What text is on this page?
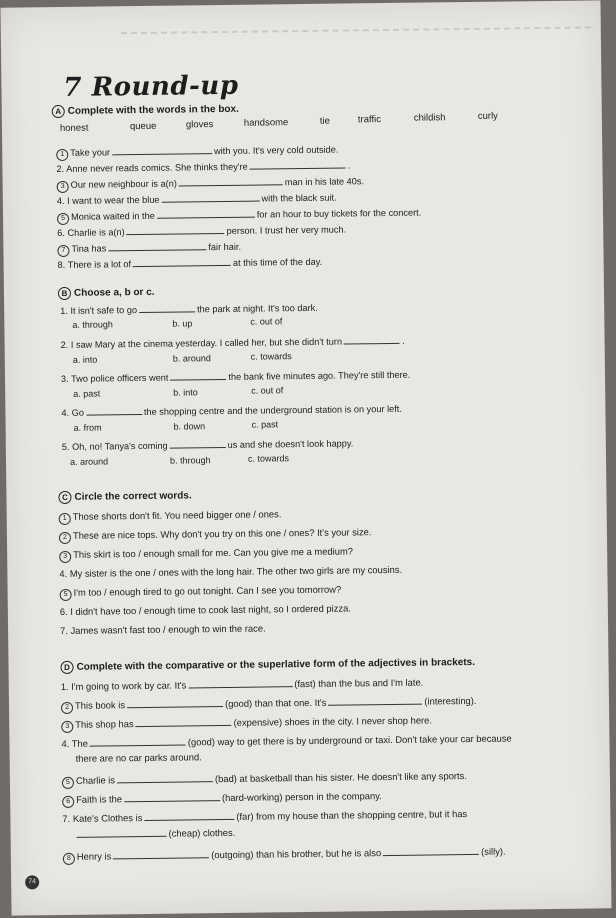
74
7 Round-up
A Complete with the words in the box.
honest	queue	gloves	handsome	tie	traffic	childish	curly
1 Take your	with you. It's very cold outside.
2. Anne never reads comics. She thinks they're	.
3 Our new neighbour is a(n)	man in his late 40s.
4. I want to wear the blue	with the black suit.
5 Monica waited in the	for an hour to buy tickets for the concert.
6. Charlie is a(n)	person. I trust her very much.
7 Tina has	fair hair.
8. There is a lot of	at this time of the day.
B Choose a, b or c.
1. It isn't safe to go	the park at night. It's too dark.
a. through	b. up	c. out of
2. I saw Mary at the cinema yesterday. I called her, but she didn't turn	.
a. into	b. around	c. towards
3. Two police officers went	the bank five minutes ago. They're still there.
a. past	b. into	c. out of
4. Go	the shopping centre and the underground station is on your left.
a. from	b. down	c. past
5. Oh, no! Tanya's coming	us and she doesn't look happy.
a. around	b. through	c. towards
C Circle the correct words.
1 Those shorts don't fit. You need bigger one / ones.
2 These are nice tops. Why don't you try on this one / ones? It's your size.
3 This skirt is too / enough small for me. Can you give me a medium?
4. My sister is the one / ones with the long hair. The other two girls are my cousins.
5 I'm too / enough tired to go out tonight. Can I see you tomorrow?
6. I didn't have too / enough time to cook last night, so I ordered pizza.
7. James wasn't fast too / enough to win the race.
D Complete with the comparative or the superlative form of the adjectives in brackets.
1. I'm going to work by car. It's	(fast) than the bus and I'm late.
2 This book is	(good) than that one. It's	(interesting).
3 This shop has	(expensive) shoes in the city. I never shop here.
4. The	(good) way to get there is by underground or taxi. Don't take your car because
there are no car parks around.
5 Charlie is	(bad) at basketball than his sister. He doesn't like any sports.
6 Faith is the	(hard-working) person in the company.
7. Kate's Clothes is	(far) from my house than the shopping centre, but it has
(cheap) clothes.
8 Henry is	(outgoing) than his brother, but he is also	(silly).
